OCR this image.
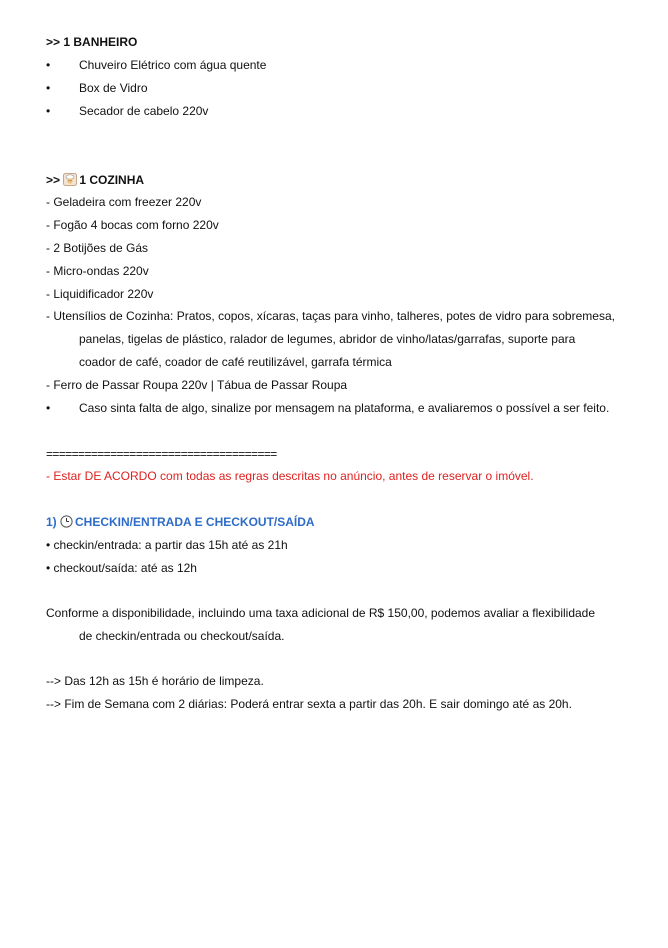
>> 1 BANHEIRO
• Chuveiro Elétrico com água quente
• Box de Vidro
• Secador de cabelo 220v
>> 1 COZINHA
- Geladeira com freezer 220v
- Fogão 4 bocas com forno 220v
- 2 Botijões de Gás
- Micro-ondas 220v
- Liquidificador 220v
- Utensílios de Cozinha: Pratos, copos, xícaras, taças para vinho, talheres, potes de vidro para sobremesa,
panelas, tigelas de plástico, ralador de legumes, abridor de vinho/latas/garrafas, suporte para
coador de café, coador de café reutilizável, garrafa térmica
- Ferro de Passar Roupa 220v | Tábua de Passar Roupa
• Caso sinta falta de algo, sinalize por mensagem na plataforma, e avaliaremos o possível a ser feito.
====================================
- Estar DE ACORDO com todas as regras descritas no anúncio, antes de reservar o imóvel.
1) CHECKIN/ENTRADA E CHECKOUT/SAÍDA
• checkin/entrada: a partir das 15h até as 21h
• checkout/saída: até as 12h
Conforme a disponibilidade, incluindo uma taxa adicional de R$ 150,00, podemos avaliar a flexibilidade
de checkin/entrada ou checkout/saída.
--> Das 12h as 15h é horário de limpeza.
--> Fim de Semana com 2 diárias: Poderá entrar sexta a partir das 20h. E sair domingo até as 20h.
